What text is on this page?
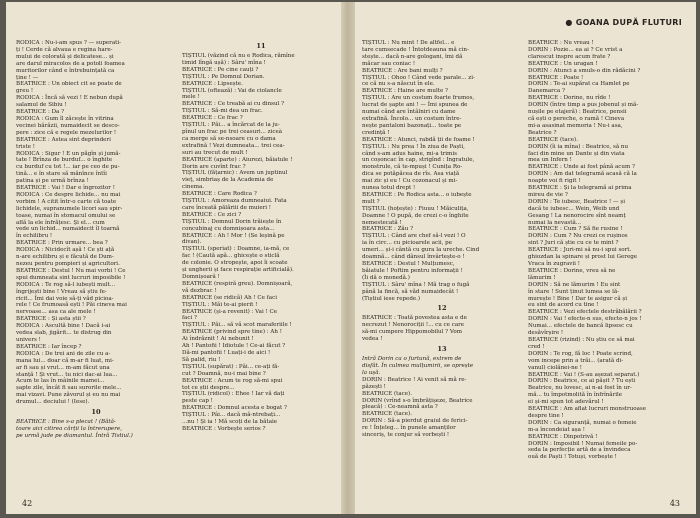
RODICA : Nu-i-am spus ? — superati-

ți ! Cerde că alvaua e regina hare-

mului de colorată și delicatese... și

are darul miracolos de a potoli foamea

muritorilor când e întrebuințată ca

ține ! —

BEATRICE : Un obiect cit se poate de

greu !

RODICA : Încă să vezi ! E nebun după

salamul de Sibiu !

BEATRICE : Da ?

RODICA : Gum îl zăcește în vitrina

vecinei bărăzii, numaidecit se desco-

pere : zice că e regele mezelurilor !

BEATRICE : Astea sint deprinderi

triste !

RODICA : Sigur ! E un păgîn și jumă-

tate ! Brînza de burduf... o înghite

cu burduf cu tot !... iar pe ceo de pu-

tină... e în stare să mănînce întîi

patina și pe urmă brînza !

BEATRICE : Vai ! Dar e îngrozitor !

RODICA : Ce despre lichide... nu mai

vorbim ! A citit într-o carte că toate

lichidele, supranumele licori sau spir-

toase, numai în stomacul omului se

află la ele înfrățesc. Și el... cum

vede un lichid... numaidecit îl toarnă

în echilibru !

BEATRICE : Prin urmare... bea ?

RODICA : Nicidecît așă ! Ce ști ață

n-are echilibru și e făcută de Dum-

nezeu pentru pompieri și agricultori.

BEATRICE : Destul ! Nu mai vorbi ! Ce

spui dumneata sint lucruri imposibile !

RODICA : Te rog să-l iubești mult...

îngrijești bine ! Vreau să știu fe-

ricit... Îmi dai voie să-ți văd picioa-

rele ! Ce frumoasă ești ! Păi cineva mai

nervoase... asa ca ale mele !

BEATRICE : Și asta știi ?

RODICA : Ascultă bine ! Dacă i-ai

vedea slab, jigărit... te distrug din

univers !

BEATRICE : Iar încep ?

RODICA : De trei ani de zile cu a-

mana lui... doar că m-ar fi luat, mi-

ar fi sau și vrut... m-am făcut una

stanță ! Și vrut... tu nici dac-ai lua...

Acum te las în mâinile mamei...

șapte zile, încât fi sau surorile mele...

mai vizavi. Pune zăvorul și eu nu mai

drumul... deciului ! (Iese).

10

BEATRICE : Bine s-a plecat ! (Bătă-

toare aici citirea cărții la întrerupere,

pe urmă jude pe diamantul. Întră Tistiul.)

11

TIȘTIUL (văzind că nu e Rodica, rămîne

timid lîngă ușă) : Sâru' mîna !

BEATRICE : Pe cine cauți ?

TIȘTIUL : Pe Domnul Dorian.

BEATRICE : Lipsește.

TIȘTIUL (oftează) : Vai de ciolancle

mele !

BEATRICE : Ce treabă ai cu dinsul ?

TIȘTIUL : Să-mi dea un frac.

BEATRICE : Ce frac ?

TIȘTIUL : Păi... a încărcat de la ju-

pînul un frac pe trei ceasuri... ziceà

ca merge să se-nsoare cu o dama

extrafină ! Vezi dumneata... trei cea-

suri au trecut de mult !

BEATRICE (aparte) : Aiurezi, băiatule !

Dorin are cuvînt frac ?

TIȘTIUL (fățarnic) : Avem un juptinul

vieț, simbriaș de la Academia de

cinema.

BEATRICE : Care Rodica ?

TIȘTIUL : Amoreaza dumneaiui. Fata

care înceată pălăriii de muieri !

BEATRICE : Ce zici ?

TIȘTIUL : Domnul Dorin trăiește în

concubinaj cu domnișoara asta...

BEATRICE : Ah ! Mor ! (Se leșină pe

divan).

TIȘTIUL (speriat) : Doamne, ia-mă, ce

fac ! (Caută apă... ghicește o sticlă

de colonie. O stropește, apoi îi scoate

și ungherii și face respirație artificială).

Domnișoară !

BEATRICE (respiră greu). Domnișoară,

vă dezbrac !

BEATRICE (se ridică) Ah ! Ce faci

TIȘTIUL : Măi te-ai pierit !

BEATRICE (și-a revenit) : Vai ! Ce

faci ?

TIȘTIUL : Păi... să vă scot maraferiile !

BEATRICE (privind spre tine) : Ah !

Ai îndrăznit ! Ai nebunit !

Ah ! Pantofii ! Idiotule ! Ce-ai făcut ?

Dă-mi pantofii ! Luați-i de aici !

Să palid, riu !

TIȘTIUL (supărat) : Păi... ce-ați fă-

cut ? Doamnă, nu-i mai bine ?

BEATRICE : Acum te rog să-mi spui

tot ce știi despre...

TIȘTIUL (ridicol) : Ehee ! Iar vă dați

peste cap !

BEATRICE : Domnul acesta e bogat ?

TIȘTIUL : Pâi... dacă mă-ntrebați...

...nu ! Și ia ! Mă scoți de la bătaie

BEATRICE : Vorbește serios ?

42
● GOANA DUPĂ FLUTURI

TIȘTIUL : Nu mint ! De altfel... e

tare cumsecade ! Întotdeauna mă cin-

stește... dacă n-are gologani, îmi dă

măcar sau coniac !

BEATRICE : Are bani mulți ?

TIȘTIUL : Ohoo ! Când vede parale... zi-

ce că nu s-a născut în ele.

BEATRICE : Haine are multe ?

TIȘTIUL : Are un costum foarte frumos,

lucrat de șapte ani ! — Îmi spunea de

numai când are întâlniri cu dame

extrafină. Încolo... un costum între-

nește pantaloni bazonați... toate pe

credință !

BEATRICE : Atunci, rabdă ții de foame !

TIȘTIUL : Nu prea ! În ziua de Paști,

când s-am adus haine, mi-a trimis

un coșoncac în cap, strigînd : Ingratule,

monstrule, că te-mpuși ! Cunița Ro-

dica se potăpăcea de rîs. Asa viață

mai zic și eu ! Cu cozonacul și mi-

nunea totul drept !

BEATRICE : Pe Rodica asta... o iubește

mult ?

TIȘTIUL (hoțește) : Fiuuu ! Măiculița,

Doamne ! O pupă, de crezi c-o înghite

nemestecată !

BEATRICE : Zău ?

TIȘTIUL : Când are chef să-l vezi ! O

ia în circ... cu picioarele acii, pe

umeri... și-i cântă cu gura la ureche. Cind

doamnă... când dânsul învârtește-o !

BEATRICE : Destul ! Mulțumesc,

băiatule ! Poftim pentru informații !

(Îi dă o monedă.)

TIȘTIUL : Sâru' mîna ! Mă trag o fugă

până la fincă, să văd numaidecât !

(Tiștiul iese repede.)

12

BEATRICE : Toată povestea asta e de

necrezut ! Nenorociții !... cu ce care

să-mi cumpere Hippomobilul ? Vom

vedea !

13

Intră Dorin ca o furtună, extrem de

disfăt. În culmea mulțumirii, se oprește

la ușă.

DORIN : Beatrice ! Ai venit să mă re-

păzești !

BEATRICE (tace).

DORIN (vrînd s-o îmbrățișeze, Beatrice

pleacă) : Ce-neamnă asta ?

BEATRICE (tace).

DORIN : Să-a pierdut graiul de ferici-

re ! Înțeleg... în punele amanților

sinceriș, te conjur să vorbești !

BEATRICE : Nu vreau !

DORIN : Pozie... ea ai ? Ce vrist a

clarescut inspre acum frate ?

BEATRICE : Un uragan !

DORIN : Atunci a smuls-o din rădăcini ?

BEATRICE : Poate !

DORIN : Te-ai supărat ca Hamlet pe

Danemarca ?

BEATRICE : Dorine, nu rîde !

DORIN (între timp a pus jobenul și mă-

nușile pe etajeră) : Beatrice, pensii

că ești o pereche, o ramă ! Cineva

mi-a asasinat memoria ! Nu-i asa,

Beatrice ?

BEATRICE (tace).

DORIN (îi ia mîna) : Beatrice, să nu

faci din mine un Dante și din viata

mea un Infern !

BEATRICE : Unde ai fost până acum ?

DORIN : Am dat telegramă acasă că la

noapte voi fi rigit !

BEATRICE : Și la telegramă ai prima

mireu de vie ?

DORIN : Te iubesc, Beatrice ! — și

dacă te iubesc... Wein, Weib und

Gesang ! La nenorocire sînt neamț

numai la nevastă...

BEATRICE : Cum ? Să fie rusine !

DORIN : Cum ? Nu crezi ce rușinos

sint ? Juri că știe cu ce te mint ?

BEATRICE : Juri-mi să nu-i spui sort.

ghiozdan la spinare și prost lui Gerege

Vraca în zugravii !

BEATRICE : Dorine, vreu să ne

lămurim !

DORIN : Să ne lămurim ! Eu sint

în stare ! Sunt ținut lumea se lă-

murește ! Bine ! Dar te asigur că și

eu sint de acord cu tine !

BEATRICE : Vezi efectele destrăbălării ?

DORIN : Vai ! efecte-n sus, efecte-n jos !

Numai... efectele de bancă lipsesc cu

desăvîrșire !

BEATRICE (rizind) : Nu știu ce să mai

cred !

DORIN : Te rog, fă loc ! Poate scrind,

vom incepe prin a trăi... (arată di-

vanul) ciolănei-ne !

BEATRICE : Vai ! (S-au așezat separat.)

DORIN : Beatrice, ce ai pășit ? Tu ești

Beatrice, nu lovesc, ai n-ai fost în ur-

mă... tu împotmolită în înfrînările

ei și-mi spun tot adevărul !

BEATRICE : Am aflat lucruri monstruoase

despre tine !

DORIN : Ca siguranță, numai o femeie

m-a încondeiat așa !

BEATRICE : Dinpotrivă !

DORIN : Imposibil ! Numai femeile po-

seda la perfecție artă de a învindeca

ouă de Paști ! Totuși, vorbește !

43
